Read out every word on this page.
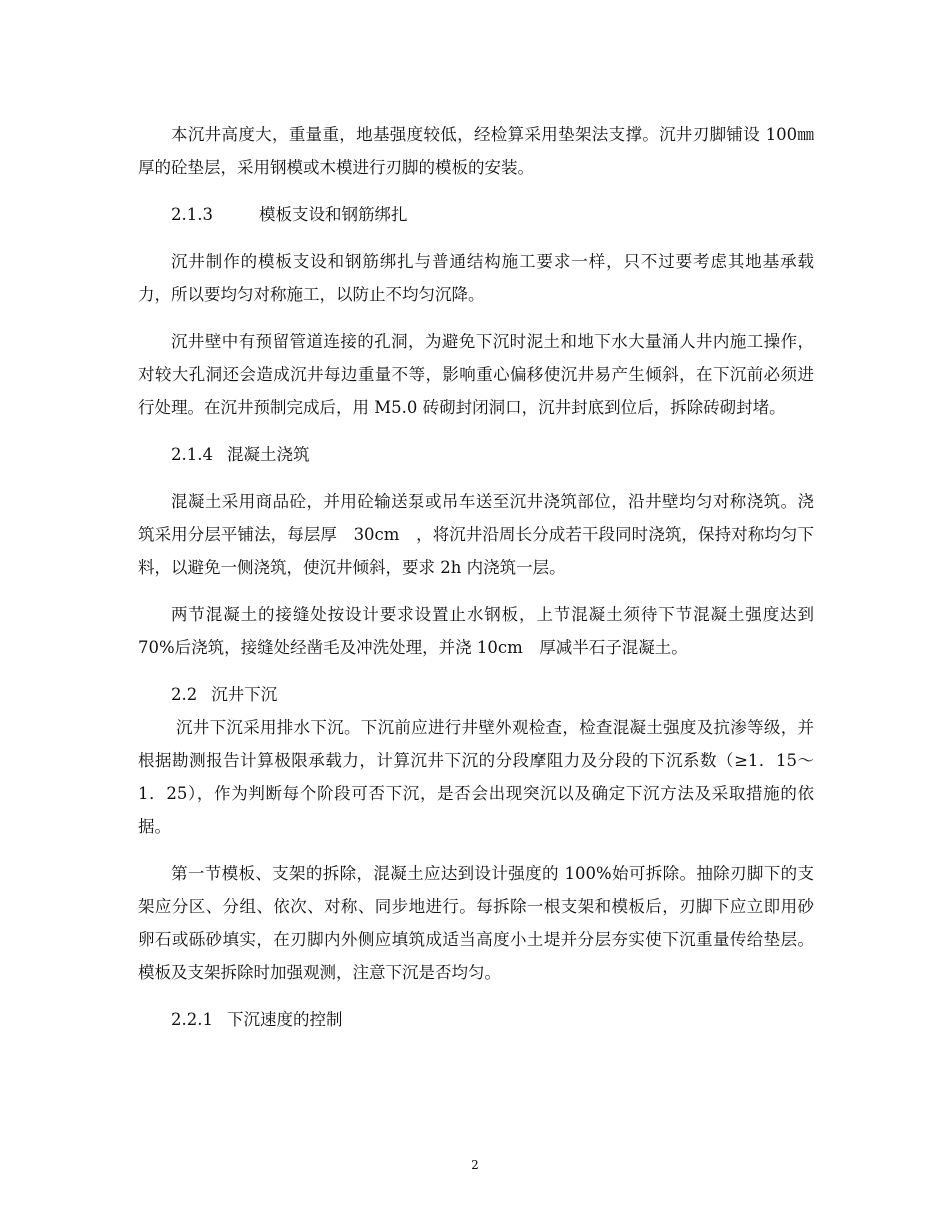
本沉井高度大，重量重，地基强度较低，经检算采用垫架法支撑。沉井刃脚铺设 100㎜ 厚的砼垫层，采用钢模或木模进行刃脚的模板的安装。

2.1.3	模板支设和钢筋绑扎

沉井制作的模板支设和钢筋绑扎与普通结构施工要求一样，只不过要考虑其地基承载力，所以要均匀对称施工，以防止不均匀沉降。

沉井壁中有预留管道连接的孔洞，为避免下沉时泥土和地下水大量涌人井内施工操作，对较大孔洞还会造成沉井每边重量不等，影响重心偏移使沉井易产生倾斜，在下沉前必须进行处理。在沉井预制完成后，用 M5.0 砖砌封闭洞口，沉井封底到位后，拆除砖砌封堵。

2.1.4 混凝土浇筑

混凝土采用商品砼，并用砼输送泵或吊车送至沉井浇筑部位，沿井壁均匀对称浇筑。浇筑采用分层平铺法，每层厚　30cm　，将沉井沿周长分成若干段同时浇筑，保持对称均匀下料，以避免一侧浇筑，使沉井倾斜，要求 2h 内浇筑一层。

两节混凝土的接缝处按设计要求设置止水钢板，上节混凝土须待下节混凝土强度达到　70%后浇筑，接缝处经凿毛及冲洗处理，并浇 10cm　厚减半石子混凝土。

2.2 沉井下沉

沉井下沉采用排水下沉。下沉前应进行井壁外观检查，检查混凝土强度及抗渗等级，并根据勘测报告计算极限承载力，计算沉井下沉的分段摩阻力及分段的下沉系数（≥1．15～1．25），作为判断每个阶段可否下沉，是否会出现突沉以及确定下沉方法及采取措施的依据。

第一节模板、支架的拆除，混凝土应达到设计强度的 100%始可拆除。抽除刃脚下的支架应分区、分组、依次、对称、同步地进行。每拆除一根支架和模板后，刃脚下应立即用砂卵石或砾砂填实，在刃脚内外侧应填筑成适当高度小土堤并分层夯实使下沉重量传给垫层。模板及支架拆除时加强观测，注意下沉是否均匀。

2.2.1 下沉速度的控制

2
